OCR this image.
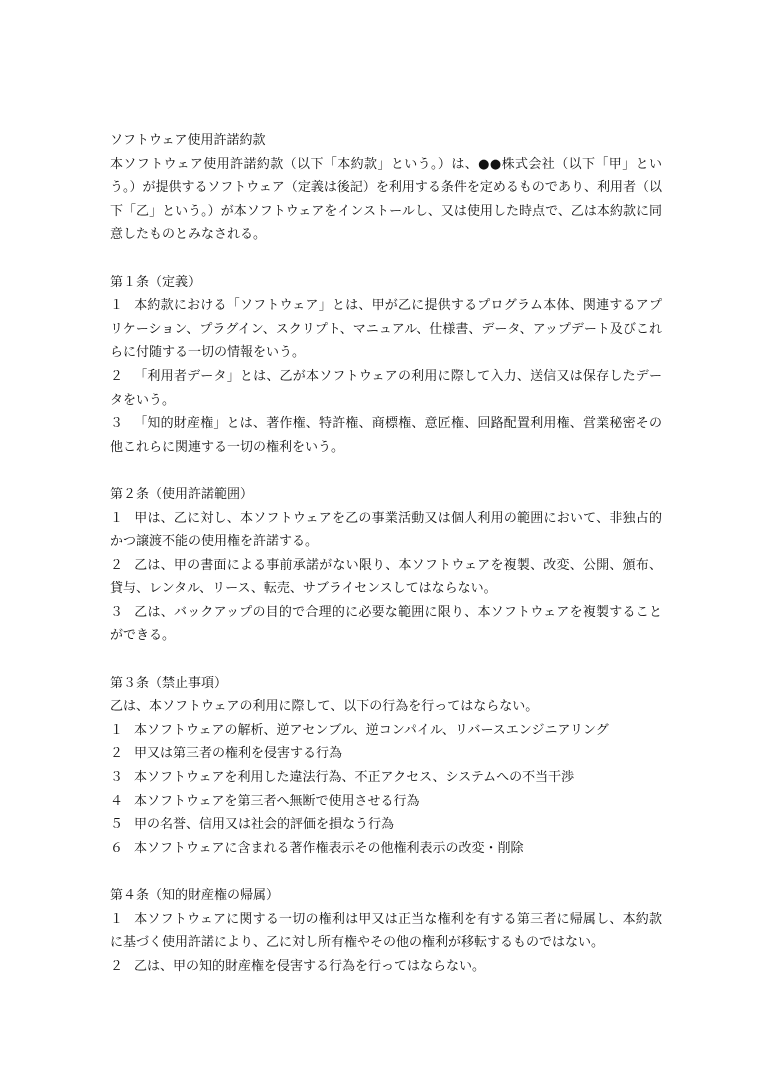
ソフトウェア使用許諾約款

本ソフトウェア使用許諾約款（以下「本約款」という。）は、●●株式会社（以下「甲」という。）が提供するソフトウェア（定義は後記）を利用する条件を定めるものであり、利用者（以下「乙」という。）が本ソフトウェアをインストールし、又は使用した時点で、乙は本約款に同意したものとみなされる。

第１条（定義）

１ 本約款における「ソフトウェア」とは、甲が乙に提供するプログラム本体、関連するアプリケーション、プラグイン、スクリプト、マニュアル、仕様書、データ、アップデート及びこれらに付随する一切の情報をいう。

２ 「利用者データ」とは、乙が本ソフトウェアの利用に際して入力、送信又は保存したデータをいう。

３ 「知的財産権」とは、著作権、特許権、商標権、意匠権、回路配置利用権、営業秘密その他これらに関連する一切の権利をいう。

第２条（使用許諾範囲）

１ 甲は、乙に対し、本ソフトウェアを乙の事業活動又は個人利用の範囲において、非独占的かつ譲渡不能の使用権を許諾する。

２ 乙は、甲の書面による事前承諾がない限り、本ソフトウェアを複製、改変、公開、頒布、貸与、レンタル、リース、転売、サブライセンスしてはならない。

３ 乙は、バックアップの目的で合理的に必要な範囲に限り、本ソフトウェアを複製することができる。

第３条（禁止事項）

乙は、本ソフトウェアの利用に際して、以下の行為を行ってはならない。

１ 本ソフトウェアの解析、逆アセンブル、逆コンパイル、リバースエンジニアリング

２ 甲又は第三者の権利を侵害する行為

３ 本ソフトウェアを利用した違法行為、不正アクセス、システムへの不当干渉

４ 本ソフトウェアを第三者へ無断で使用させる行為

５ 甲の名誉、信用又は社会的評価を損なう行為

６ 本ソフトウェアに含まれる著作権表示その他権利表示の改変・削除

第４条（知的財産権の帰属）

１ 本ソフトウェアに関する一切の権利は甲又は正当な権利を有する第三者に帰属し、本約款に基づく使用許諾により、乙に対し所有権やその他の権利が移転するものではない。

２ 乙は、甲の知的財産権を侵害する行為を行ってはならない。
